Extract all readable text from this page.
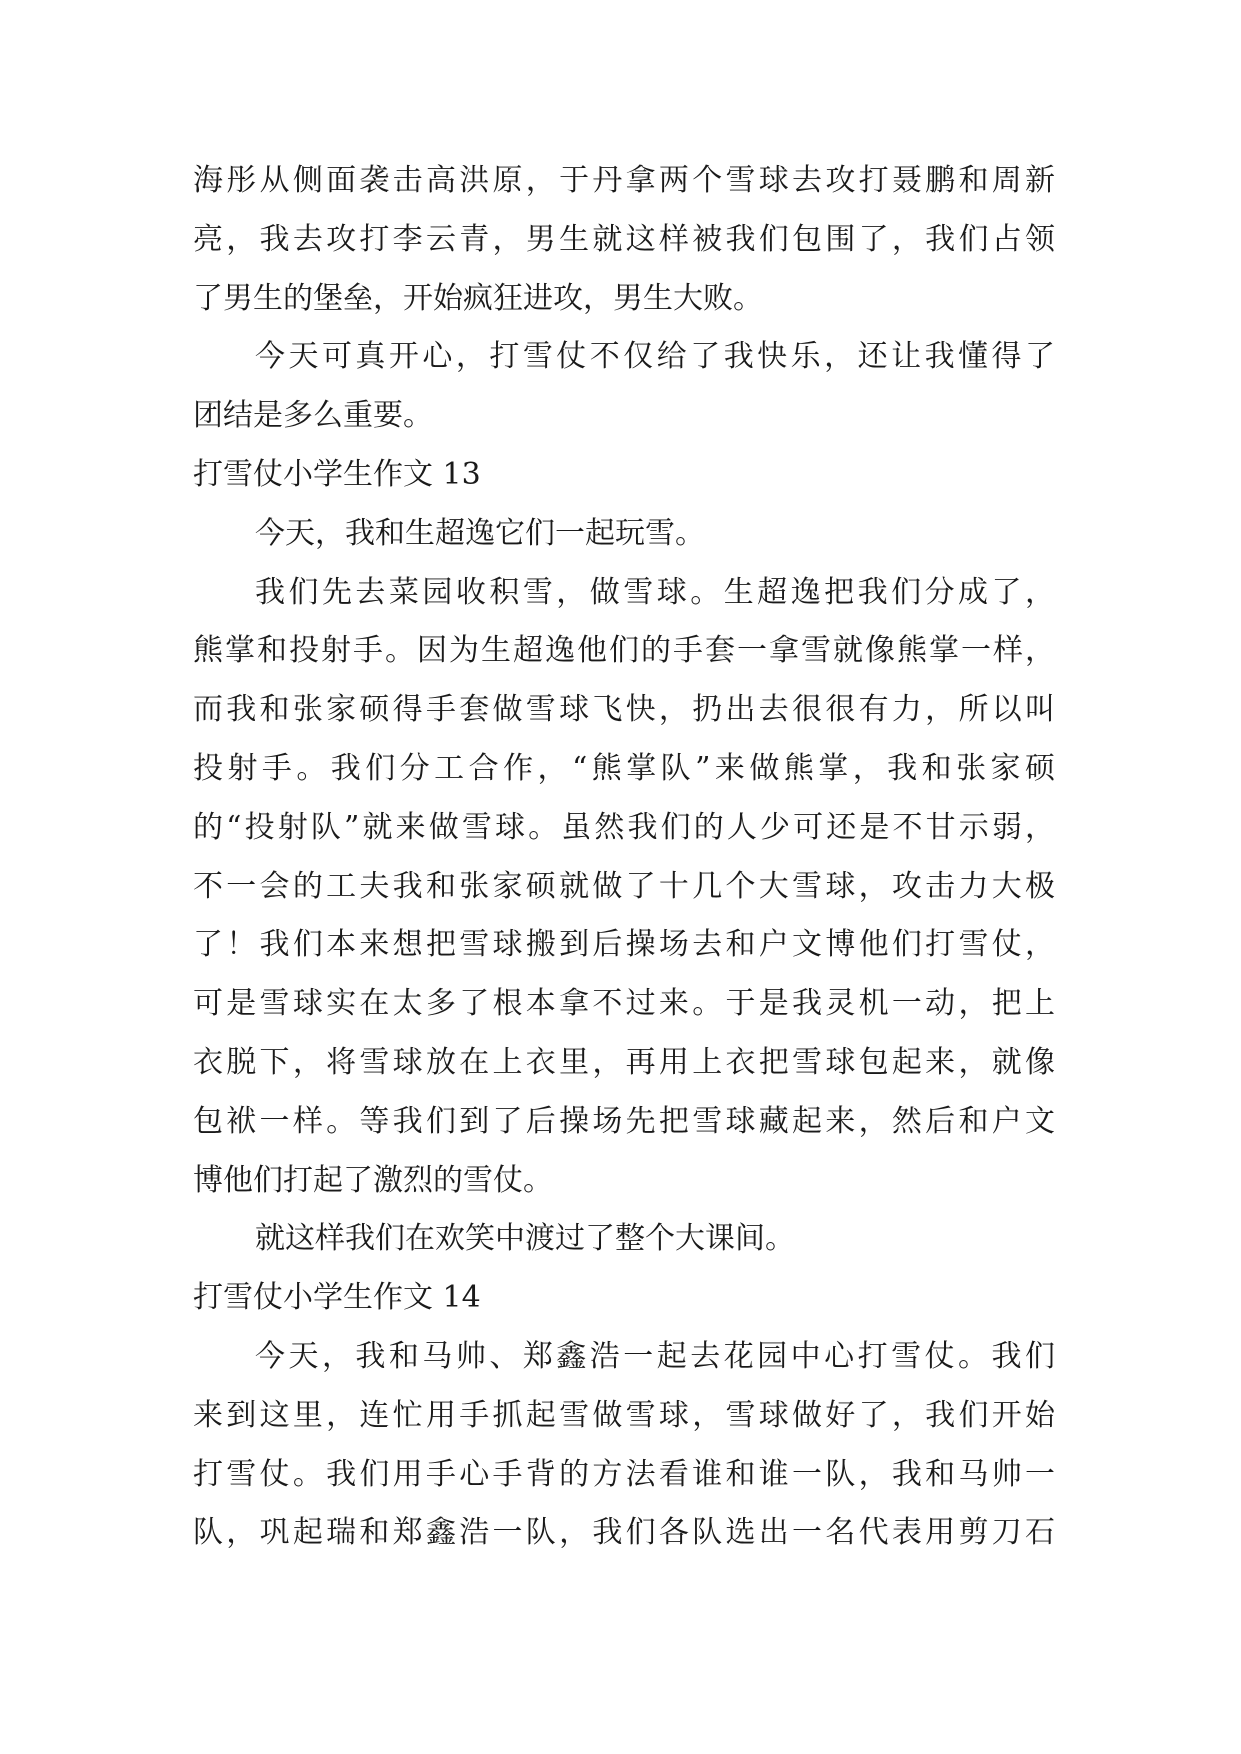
海彤从侧面袭击高洪原，于丹拿两个雪球去攻打聂鹏和周新
亮，我去攻打李云青，男生就这样被我们包围了，我们占领
了男生的堡垒，开始疯狂进攻，男生大败。
今天可真开心，打雪仗不仅给了我快乐，还让我懂得了
团结是多么重要。
打雪仗小学生作文 13
今天，我和生超逸它们一起玩雪。
我们先去菜园收积雪，做雪球。生超逸把我们分成了，
熊掌和投射手。因为生超逸他们的手套一拿雪就像熊掌一样，
而我和张家硕得手套做雪球飞快，扔出去很很有力，所以叫
投射手。我们分工合作，“熊掌队”来做熊掌，我和张家硕
的“投射队”就来做雪球。虽然我们的人少可还是不甘示弱，
不一会的工夫我和张家硕就做了十几个大雪球，攻击力大极
了！我们本来想把雪球搬到后操场去和户文博他们打雪仗，
可是雪球实在太多了根本拿不过来。于是我灵机一动，把上
衣脱下，将雪球放在上衣里，再用上衣把雪球包起来，就像
包袱一样。等我们到了后操场先把雪球藏起来，然后和户文
博他们打起了激烈的雪仗。
就这样我们在欢笑中渡过了整个大课间。
打雪仗小学生作文 14
今天，我和马帅、郑鑫浩一起去花园中心打雪仗。我们
来到这里，连忙用手抓起雪做雪球，雪球做好了，我们开始
打雪仗。我们用手心手背的方法看谁和谁一队，我和马帅一
队，巩起瑞和郑鑫浩一队，我们各队选出一名代表用剪刀石
